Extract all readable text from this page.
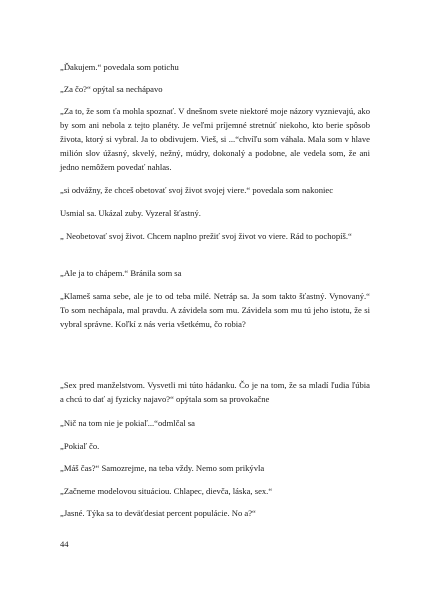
„Ďakujem.“ povedala som potichu

„Za čo?“ opýtal sa nechápavo

„Za to, že som ťa mohla spoznať. V dnešnom svete niektoré moje názory vyznievajú, ako by som ani nebola z tejto planéty. Je veľmi príjemné stretnúť niekoho, kto berie spôsob života, ktorý si vybral. Ja to obdivujem. Vieš, si ...“chvíľu som váhala. Mala som v hlave milión slov úžasný, skvelý, nežný, múdry, dokonalý a podobne, ale vedela som, že ani jedno nemôžem povedať nahlas.

„si odvážny, že chceš obetovať svoj život svojej viere.“ povedala som nakoniec

Usmial sa. Ukázal zuby. Vyzeral šťastný.

„ Neobetovať svoj život. Chcem naplno prežiť svoj život vo viere. Rád to pochopíš.“

„Ale ja to chápem.“ Bránila som sa

„Klameš sama sebe, ale je to od teba milé. Netráp sa. Ja som takto šťastný. Vynovaný.“ To som nechápala, mal pravdu. A závidela som mu. Závidela som mu tú jeho istotu, že si vybral správne. Koľkí z nás veria všetkému, čo robia?

„Sex pred manželstvom. Vysvetli mi túto hádanku. Čo je na tom, že sa mladí ľudia ľúbia a chcú to dať aj fyzicky najavo?“ opýtala som sa provokačne

„Nič na tom nie je pokiaľ...“odmlčal sa

„Pokiaľ čo.

„Máš čas?“ Samozrejme, na teba vždy. Nemo som prikývla

„Začneme modelovou situáciou. Chlapec, dievča, láska, sex.“

„Jasné. Týka sa to deväťdesiat percent populácie. No a?“

44
